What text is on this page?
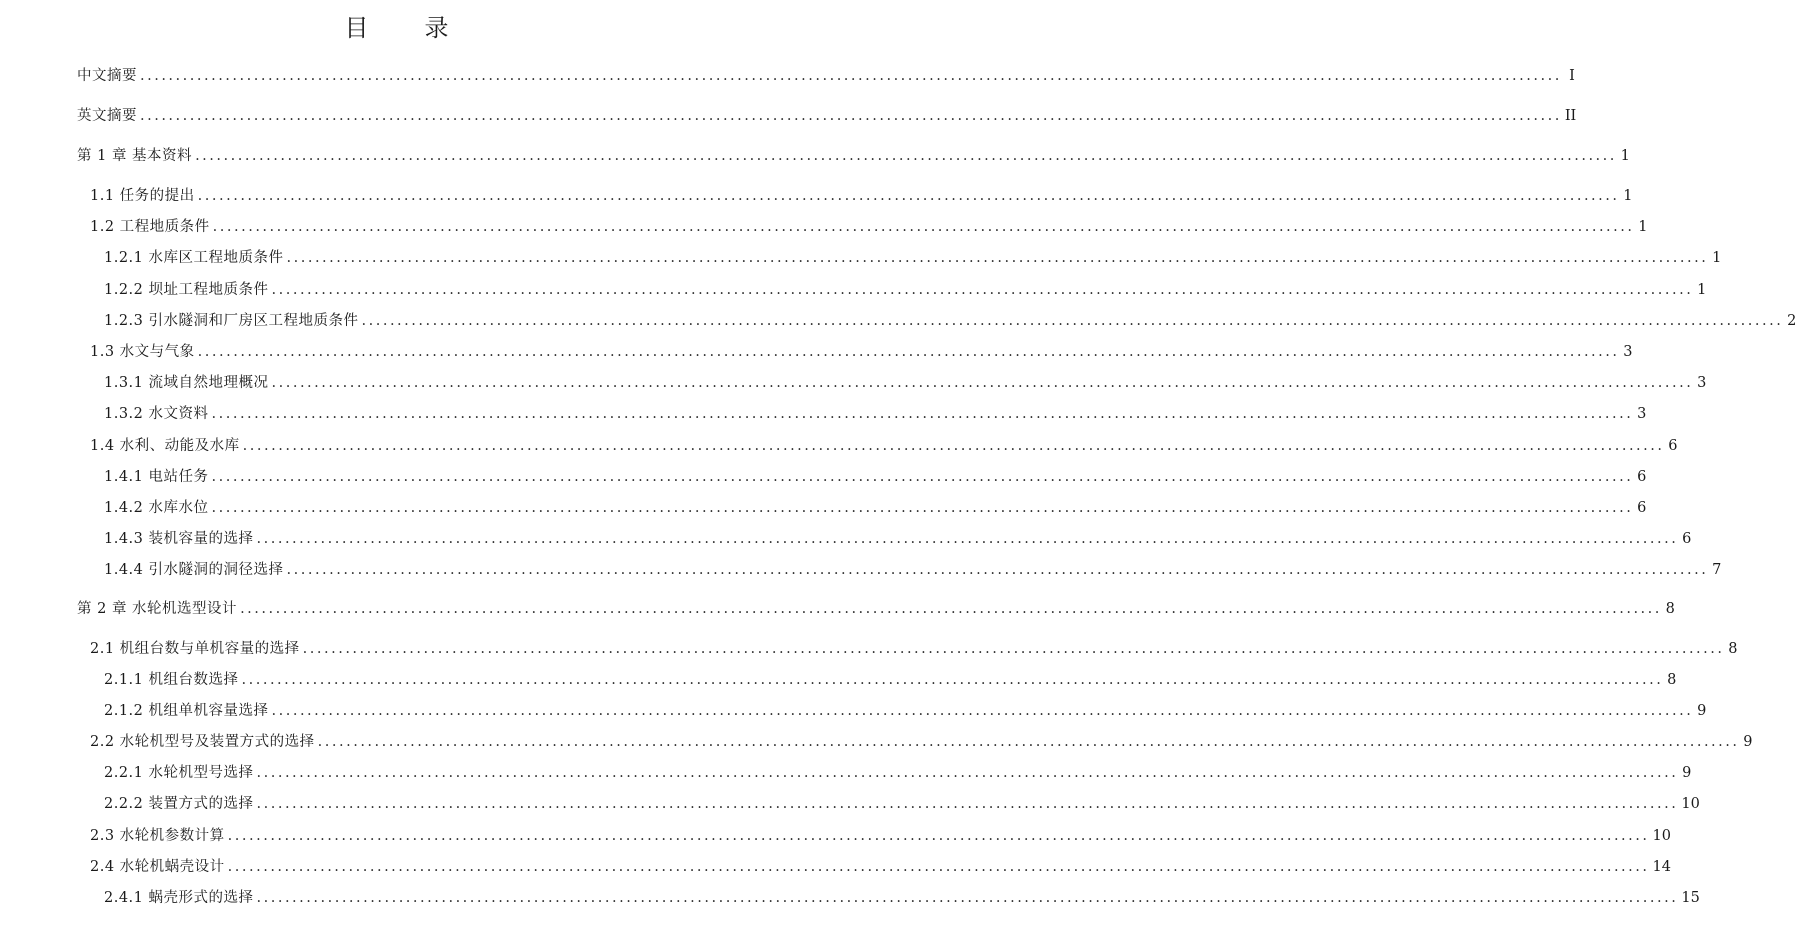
目　录
中文摘要 ........................................................................................................................................................................................................ I
英文摘要 ........................................................................................................................................................................................................ II
第 1 章 基本资料 ........................................................................................................................................................................................................ 1
1.1 任务的提出 ........................................................................................................................................................................................................ 1
1.2 工程地质条件 ........................................................................................................................................................................................................ 1
1.2.1 水库区工程地质条件 ........................................................................................................................................................................................................ 1
1.2.2 坝址工程地质条件 ........................................................................................................................................................................................................ 1
1.2.3 引水隧洞和厂房区工程地质条件 ........................................................................................................................................................................................................ 2
1.3 水文与气象 ........................................................................................................................................................................................................ 3
1.3.1 流域自然地理概况 ........................................................................................................................................................................................................ 3
1.3.2 水文资料 ........................................................................................................................................................................................................ 3
1.4 水利、动能及水库 ........................................................................................................................................................................................................ 6
1.4.1 电站任务 ........................................................................................................................................................................................................ 6
1.4.2 水库水位 ........................................................................................................................................................................................................ 6
1.4.3 装机容量的选择 ........................................................................................................................................................................................................ 6
1.4.4 引水隧洞的洞径选择 ........................................................................................................................................................................................................ 7
第 2 章 水轮机选型设计 ........................................................................................................................................................................................................ 8
2.1 机组台数与单机容量的选择 ........................................................................................................................................................................................................ 8
2.1.1 机组台数选择 ........................................................................................................................................................................................................ 8
2.1.2 机组单机容量选择 ........................................................................................................................................................................................................ 9
2.2 水轮机型号及装置方式的选择 ........................................................................................................................................................................................................ 9
2.2.1 水轮机型号选择 ........................................................................................................................................................................................................ 9
2.2.2 装置方式的选择 ........................................................................................................................................................................................................ 10
2.3 水轮机参数计算 ........................................................................................................................................................................................................ 10
2.4 水轮机蜗壳设计 ........................................................................................................................................................................................................ 14
2.4.1 蜗壳形式的选择 ........................................................................................................................................................................................................ 15
